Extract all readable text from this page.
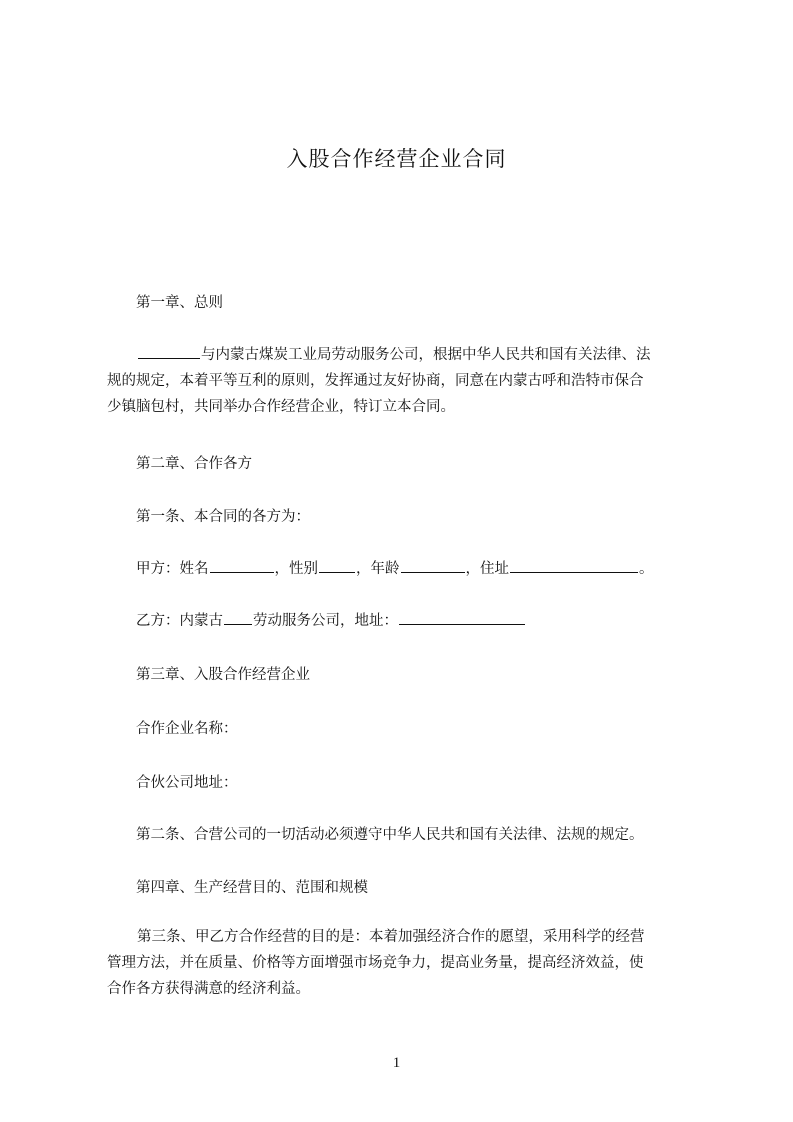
入股合作经营企业合同
第一章、总则
与内蒙古煤炭工业局劳动服务公司，根据中华人民共和国有关法律、法
规的规定，本着平等互利的原则，发挥通过友好协商，同意在内蒙古呼和浩特市保合
少镇脑包村，共同举办合作经营企业，特订立本合同。
第二章、合作各方
第一条、本合同的各方为：
甲方：姓名	，性别	，年龄	，住址	。
乙方：内蒙古 劳动服务公司，地址：
第三章、入股合作经营企业
合作企业名称：
合伙公司地址：
第二条、合营公司的一切活动必须遵守中华人民共和国有关法律、法规的规定。
第四章、生产经营目的、范围和规模
第三条、甲乙方合作经营的目的是：本着加强经济合作的愿望，采用科学的经营
管理方法，并在质量、价格等方面增强市场竞争力，提高业务量，提高经济效益，使
合作各方获得满意的经济利益。
1
